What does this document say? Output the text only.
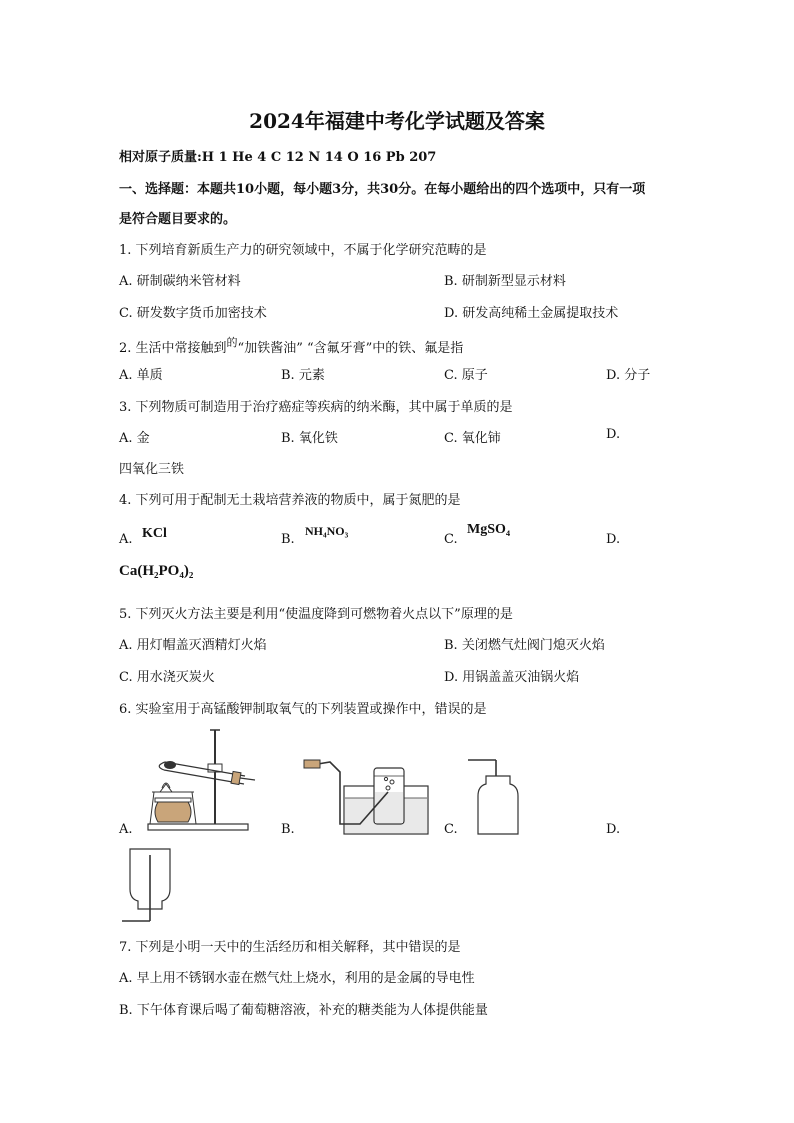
2024年福建中考化学试题及答案
相对原子质量:H 1 He 4 C 12 N 14 O 16 Pb 207
一、选择题：本题共10小题，每小题3分，共30分。在每小题给出的四个选项中，只有一项
是符合题目要求的。
1. 下列培育新质生产力的研究领域中，不属于化学研究范畴的是
A. 研制碳纳米管材料	B. 研制新型显示材料
C. 研发数字货币加密技术	D. 研发高纯稀土金属提取技术
2. 生活中常接触到$^的$“加铁酱油” “含氟牙膏”中的铁、氟是指
A. 单质	B. 元素	C. 原子	D. 分子
3. 下列物质可制造用于治疗癌症等疾病的纳米酶，其中属于单质的是
A. 金	B. 氧化铁	C. 氧化铈	D.
四氧化三铁
4. 下列可用于配制无土栽培营养液的物质中，属于氮肥的是
A. KCl	B.
NH₄NO₃
C.
MgSO₄
D.
Ca(H₂PO₄)₂
5. 下列灭火方法主要是利用“使温度降到可燃物着火点以下”原理的是
A. 用灯帽盖灭酒精灯火焰	B. 关闭燃气灶阀门熄灭火焰
C. 用水浇灭炭火	D. 用锅盖盖灭油锅火焰
6. 实验室用于高锰酸钾制取氧气的下列装置或操作中，错误的是
A.	B.	C.	D.
7. 下列是小明一天中的生活经历和相关解释，其中错误的是
A. 早上用不锈钢水壶在燃气灶上烧水，利用的是金属的导电性
B. 下午体育课后喝了葡萄糖溶液，补充的糖类能为人体提供能量
